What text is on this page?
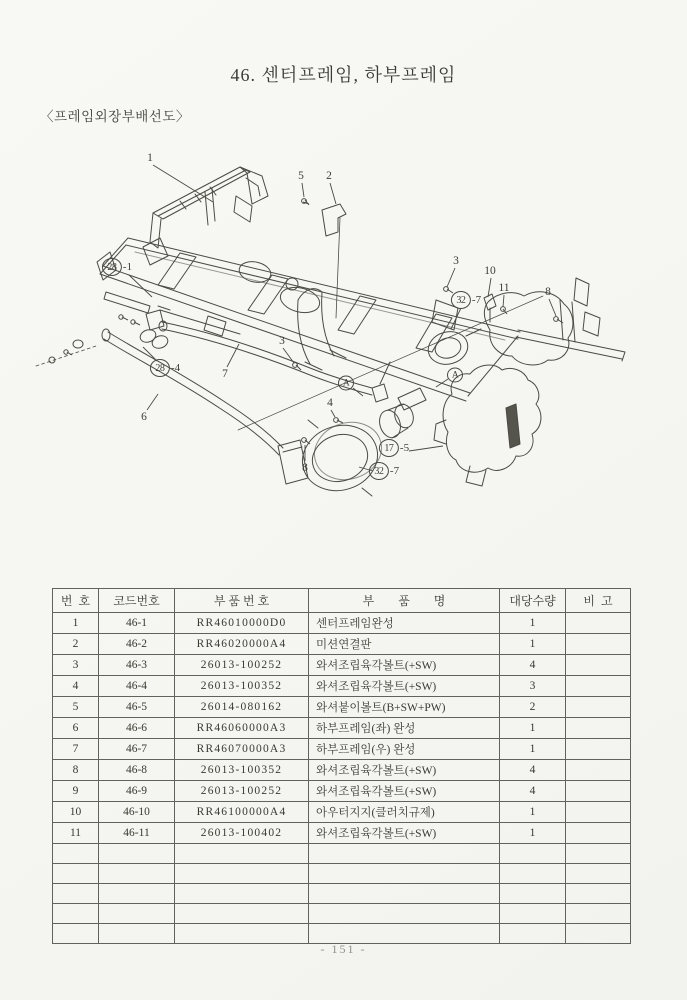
46. 센터프레임, 하부프레임
〈프레임외장부배선도〉
1
5 2
28 -1	3
10
32 -7
11	8
A
A
28 -4	7
6
3
4
8
17 -5
32 -7
번  호	코드번호	부 품 번 호	부        품        명	대당수량	비  고
1	46-1	RR46010000D0	센터프레임완성	1	
2	46-2	RR46020000A4	미션연결판	1	
3	46-3	26013-100252	와셔조립육각볼트(+SW)	4	
4	46-4	26013-100352	와셔조립육각볼트(+SW)	3	
5	46-5	26014-080162	와셔붙이볼트(B+SW+PW)	2	
6	46-6	RR46060000A3	하부프레임(좌) 완성	1	
7	46-7	RR46070000A3	하부프레임(우) 완성	1	
8	46-8	26013-100352	와셔조립육각볼트(+SW)	4	
9	46-9	26013-100252	와셔조립육각볼트(+SW)	4	
10	46-10	RR46100000A4	아우터지지(클러치규제)	1	
11	46-11	26013-100402	와셔조립육각볼트(+SW)	1	

- 151 -
